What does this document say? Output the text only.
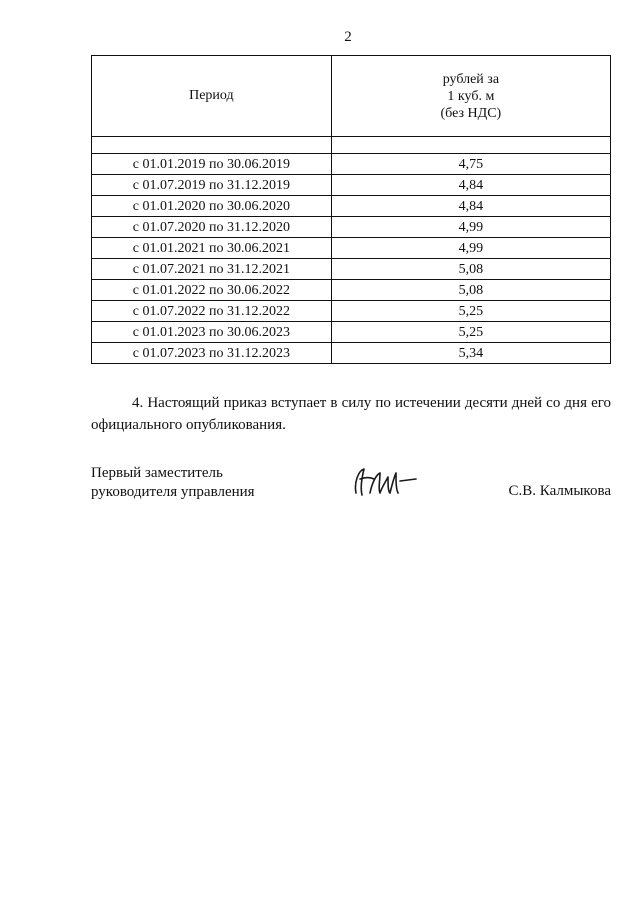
2
Период	рублей за
1 куб. м
(без НДС)

с 01.01.2019 по 30.06.2019	4,75
с 01.07.2019 по 31.12.2019	4,84
с 01.01.2020 по 30.06.2020	4,84
с 01.07.2020 по 31.12.2020	4,99
с 01.01.2021 по 30.06.2021	4,99
с 01.07.2021 по 31.12.2021	5,08
с 01.01.2022 по 30.06.2022	5,08
с 01.07.2022 по 31.12.2022	5,25
с 01.01.2023 по 30.06.2023	5,25
с 01.07.2023 по 31.12.2023	5,34

4. Настоящий приказ вступает в силу по истечении десяти дней со дня его официального опубликования.

Первый заместитель
руководителя управления	С.В. Калмыкова
